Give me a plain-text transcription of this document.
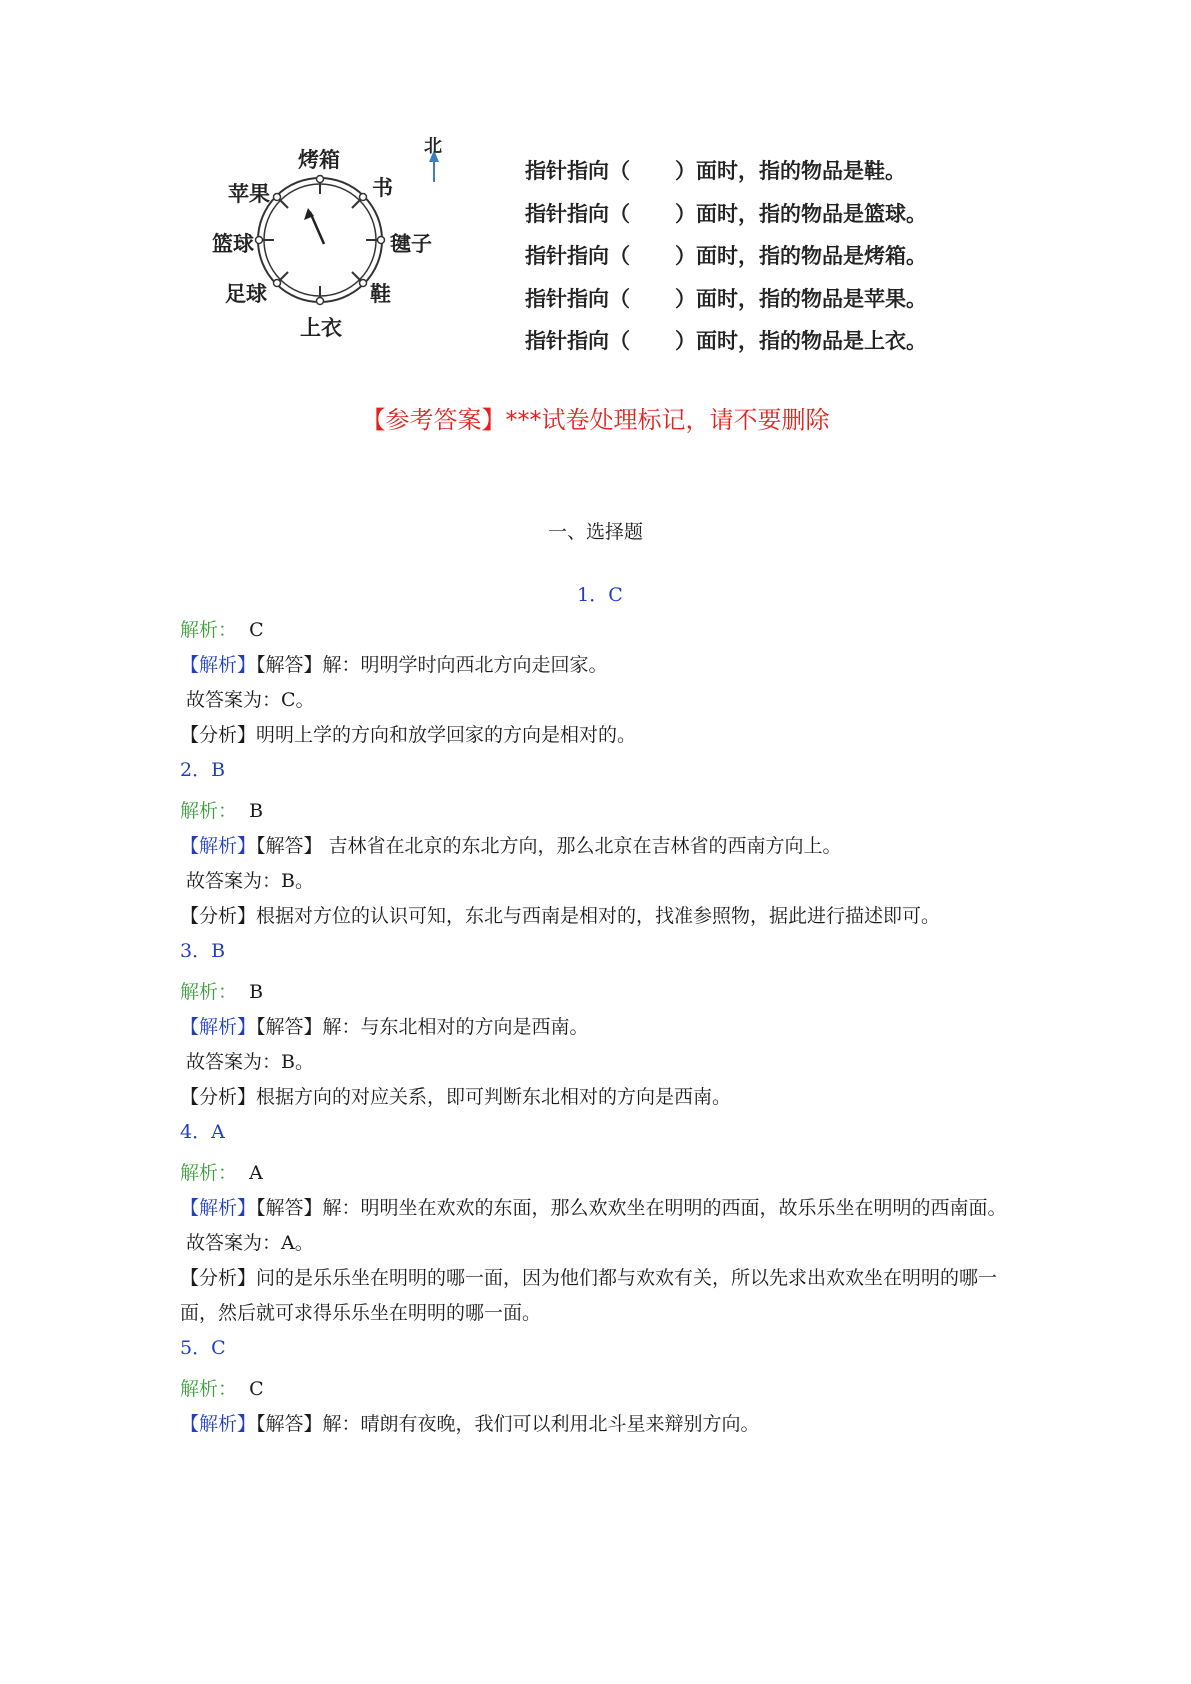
北
烤箱
书
毽子
鞋
上衣
足球
篮球
苹果
指针指向（ ）面时，指的物品是鞋。
指针指向（ ）面时，指的物品是篮球。
指针指向（ ）面时，指的物品是烤箱。
指针指向（ ）面时，指的物品是苹果。
指针指向（ ）面时，指的物品是上衣。
【参考答案】***试卷处理标记，请不要删除
一、选择题
1．C
解析： C
【解析】【解答】解：明明学时向西北方向走回家。
故答案为：C。
【分析】明明上学的方向和放学回家的方向是相对的。
2．B
解析： B
【解析】【解答】 吉林省在北京的东北方向，那么北京在吉林省的西南方向上。
故答案为：B。
【分析】根据对方位的认识可知，东北与西南是相对的，找准参照物，据此进行描述即可。
3．B
解析： B
【解析】【解答】解：与东北相对的方向是西南。
故答案为：B。
【分析】根据方向的对应关系，即可判断东北相对的方向是西南。
4．A
解析： A
【解析】【解答】解：明明坐在欢欢的东面，那么欢欢坐在明明的西面，故乐乐坐在明明的西南面。
故答案为：A。
【分析】问的是乐乐坐在明明的哪一面，因为他们都与欢欢有关，所以先求出欢欢坐在明明的哪一面，然后就可求得乐乐坐在明明的哪一面。
5．C
解析： C
【解析】【解答】解：晴朗有夜晚，我们可以利用北斗星来辩别方向。
